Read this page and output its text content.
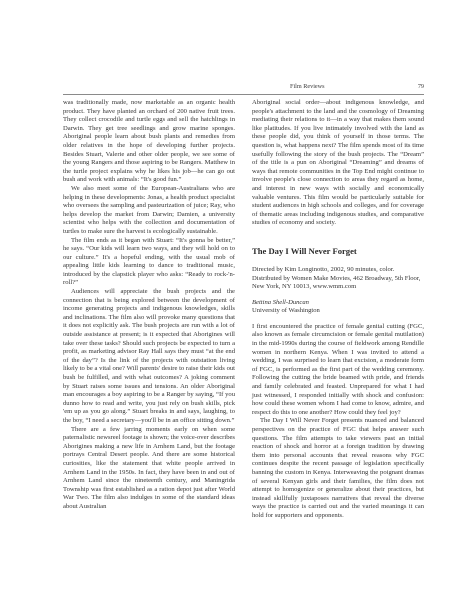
Film Reviews	79

was traditionally made, now marketable as an organic health product. They have planted an orchard of 200 native fruit trees. They collect crocodile and turtle eggs and sell the hatchlings in Darwin. They get tree seedlings and grow marine sponges. Aboriginal people learn about bush plants and remedies from older relatives in the hope of developing further projects. Besides Stuart, Valerie and other older people, we see some of the young Rangers and those aspiring to be Rangers. Matthew in the turtle project explains why he likes his job—he can go out bush and work with animals: “It's good fun.”

We also meet some of the European-Australians who are helping in these developments: Jonas, a health product specialist who oversees the sampling and pasteurization of juice; Ray, who helps develop the market from Darwin; Damien, a university scientist who helps with the collection and documentation of turtles to make sure the harvest is ecologically sustainable.

The film ends as it began with Stuart: “It's gonna be better,” he says. “Our kids will learn two ways, and they will hold on to our culture.” It's a hopeful ending, with the usual mob of appealing little kids learning to dance to traditional music, introduced by the clapstick player who asks: “Ready to rock-'n-roll?”

Audiences will appreciate the bush projects and the connection that is being explored between the development of income generating projects and indigenous knowledges, skills and inclinations. The film also will provoke many questions that it does not explicitly ask. The bush projects are run with a lot of outside assistance at present; is it expected that Aborigines will take over these tasks? Should such projects be expected to turn a profit, as marketing advisor Ray Hall says they must “at the end of the day”? Is the link of the projects with outstation living likely to be a vital one? Will parents' desire to raise their kids out bush be fulfilled, and with what outcomes? A joking comment by Stuart raises some issues and tensions. An older Aboriginal man encourages a boy aspiring to be a Ranger by saying, “If you dunno how to read and write, you just rely on bush skills, pick 'em up as you go along.” Stuart breaks in and says, laughing, to the boy, “I need a secretary—you'll be in an office sitting down.”

There are a few jarring moments early on when some paternalistic newsreel footage is shown; the voice-over describes Aborigines making a new life in Arnhem Land, but the footage portrays Central Desert people. And there are some historical curiosities, like the statement that white people arrived in Arnhem Land in the 1950s. In fact, they have been in and out of Arnhem Land since the nineteenth century, and Maningrida Township was first established as a ration depot just after World War Two. The film also indulges in some of the standard ideas about Australian

Aboriginal social order—about indigenous knowledge, and people's attachment to the land and the cosmology of Dreaming mediating their relations to it—in a way that makes them sound like platitudes. If you live intimately involved with the land as these people did, you think of yourself in those terms. The question is, what happens next? The film spends most of its time usefully following the story of the bush projects. The “Dream” of the title is a pun on Aboriginal “Dreaming” and dreams of ways that remote communities in the Top End might continue to involve people's close connection to areas they regard as home, and interest in new ways with socially and economically valuable ventures. This film would be particularly suitable for student audiences in high schools and colleges, and for coverage of thematic areas including indigenous studies, and comparative studies of economy and society.

The Day I Will Never Forget

Directed by Kim Longinotto, 2002, 90 minutes, color. Distributed by Women Make Movies, 462 Broadway, 5th Floor, New York, NY 10013, www.wmm.com

Bettina Shell-Duncan
University of Washington

I first encountered the practice of female genital cutting (FGC, also known as female circumcision or female genital mutilation) in the mid-1990s during the course of fieldwork among Rendille women in northern Kenya. When I was invited to attend a wedding, I was surprised to learn that excision, a moderate form of FGC, is performed as the first part of the wedding ceremony. Following the cutting the bride beamed with pride, and friends and family celebrated and feasted. Unprepared for what I had just witnessed, I responded initially with shock and confusion: how could these women whom I had come to know, admire, and respect do this to one another? How could they feel joy?

The Day I Will Never Forget presents nuanced and balanced perspectives on the practice of FGC that helps answer such questions. The film attempts to take viewers past an initial reaction of shock and horror at a foreign tradition by drawing them into personal accounts that reveal reasons why FGC continues despite the recent passage of legislation specifically banning the custom in Kenya. Interweaving the poignant dramas of several Kenyan girls and their families, the film does not attempt to homogenize or generalize about their practices, but instead skillfully juxtaposes narratives that reveal the diverse ways the practice is carried out and the varied meanings it can hold for supporters and opponents.
